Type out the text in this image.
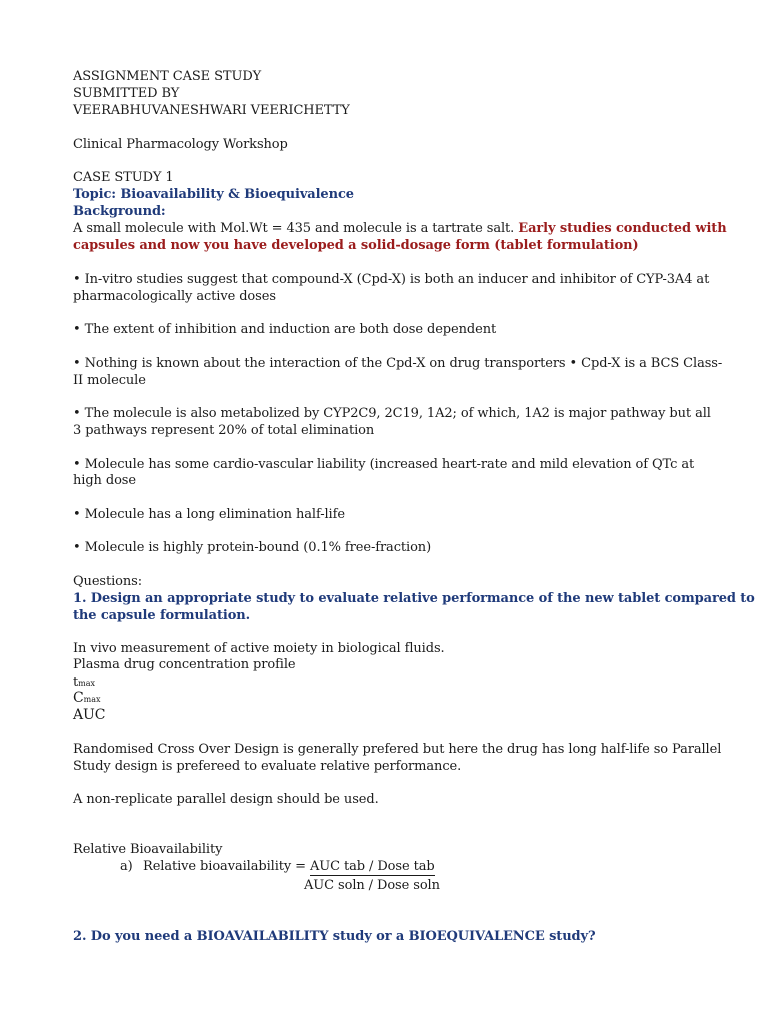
ASSIGNMENT CASE STUDY
SUBMITTED BY
VEERABHUVANESHWARI VEERICHETTY
Clinical Pharmacology Workshop
CASE STUDY 1
Topic: Bioavailability & Bioequivalence
Background:
A small molecule with Mol.Wt = 435 and molecule is a tartrate salt. Early studies conducted with
capsules and now you have developed a solid-dosage form (tablet formulation)
• In-vitro studies suggest that compound-X (Cpd-X) is both an inducer and inhibitor of CYP-3A4 at
pharmacologically active doses
• The extent of inhibition and induction are both dose dependent
• Nothing is known about the interaction of the Cpd-X on drug transporters • Cpd-X is a BCS Class-
II molecule
• The molecule is also metabolized by CYP2C9, 2C19, 1A2; of which, 1A2 is major pathway but all
3 pathways represent 20% of total elimination
• Molecule has some cardio-vascular liability (increased heart-rate and mild elevation of QTc at
high dose
• Molecule has a long elimination half-life
• Molecule is highly protein-bound (0.1% free-fraction)
Questions:
1. Design an appropriate study to evaluate relative performance of the new tablet compared to
the capsule formulation.
In vivo measurement of active moiety in biological fluids.
Plasma drug concentration profile
tmax
Cmax
AUC
Randomised Cross Over Design is generally prefered but here the drug has long half-life so Parallel
Study design is prefereed to evaluate relative performance.
A non-replicate parallel design should be used.
Relative Bioavailability
a) Relative bioavailability = AUC tab / Dose tab
AUC soln / Dose soln
2. Do you need a BIOAVAILABILITY study or a BIOEQUIVALENCE study?
